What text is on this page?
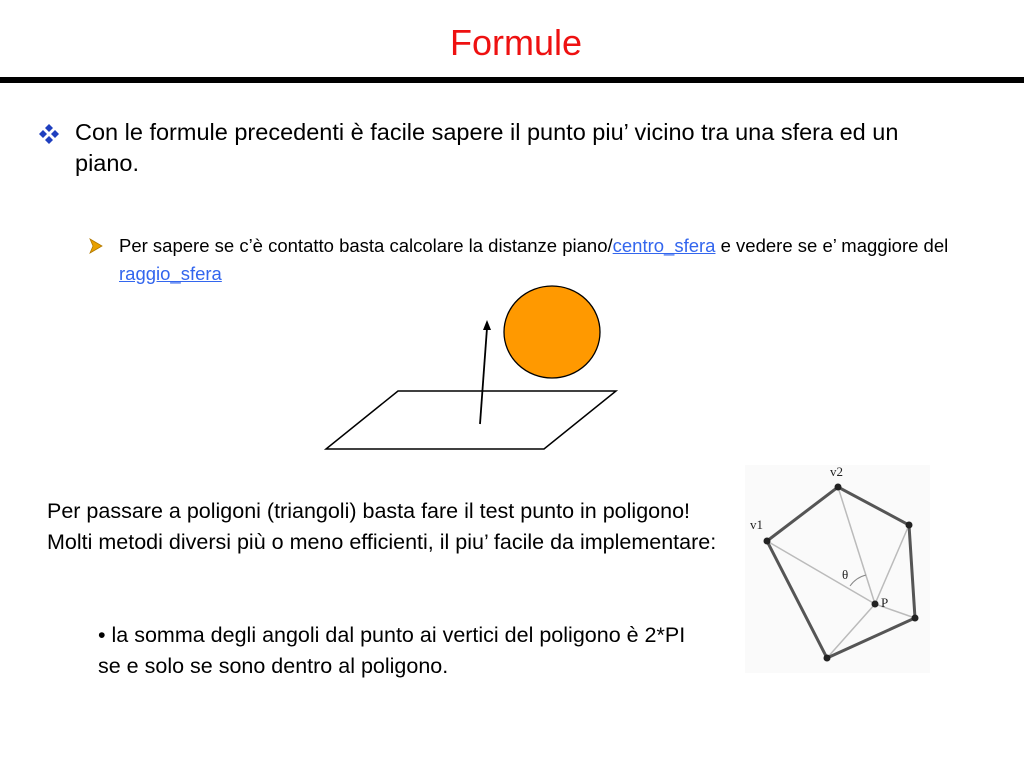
Formule
Con le formule precedenti è facile sapere il punto piu’ vicino tra una sfera ed un piano.
Per sapere se c’è contatto basta calcolare la distanze piano/centro_sfera e vedere se e’ maggiore del raggio_sfera
Per passare a poligoni (triangoli) basta fare il test punto in poligono! Molti metodi diversi più o meno efficienti, il piu’ facile da implementare:
• la somma degli angoli dal punto ai vertici del poligono è 2*PI se e solo se sono dentro al poligono.
v1
v2
θ
P
